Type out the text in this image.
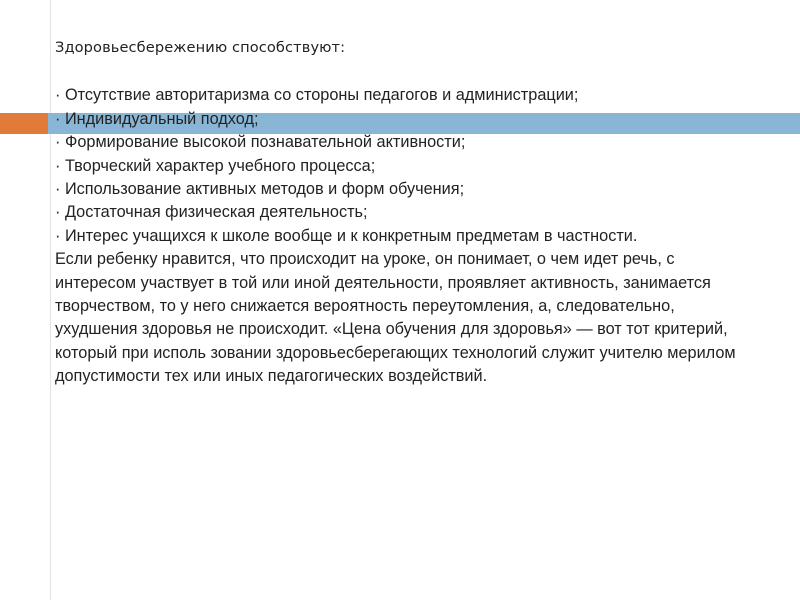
Здоровьесбережению способствуют:
· Отсутствие авторитаризма со стороны педагогов и администрации;
· Индивидуальный подход;
· Формирование высокой познавательной активности;
· Творческий характер учебного процесса;
· Использование активных методов и форм обучения;
· Достаточная физическая деятельность;
· Интерес учащихся к школе вообще и к конкретным предметам в частности.

Если ребенку нравится, что происходит на уроке, он понимает, о чем идет речь, с интересом участвует в той или иной деятельности, проявляет активность, занимается творчеством, то у него снижается вероятность переутомления, а, следовательно, ухудшения здоровья не происходит. «Цена обучения для здоровья» — вот тот критерий, который при исполь зовании здоровьесберегающих технологий служит учителю мерилом допустимости тех или иных педагогических воздействий.
